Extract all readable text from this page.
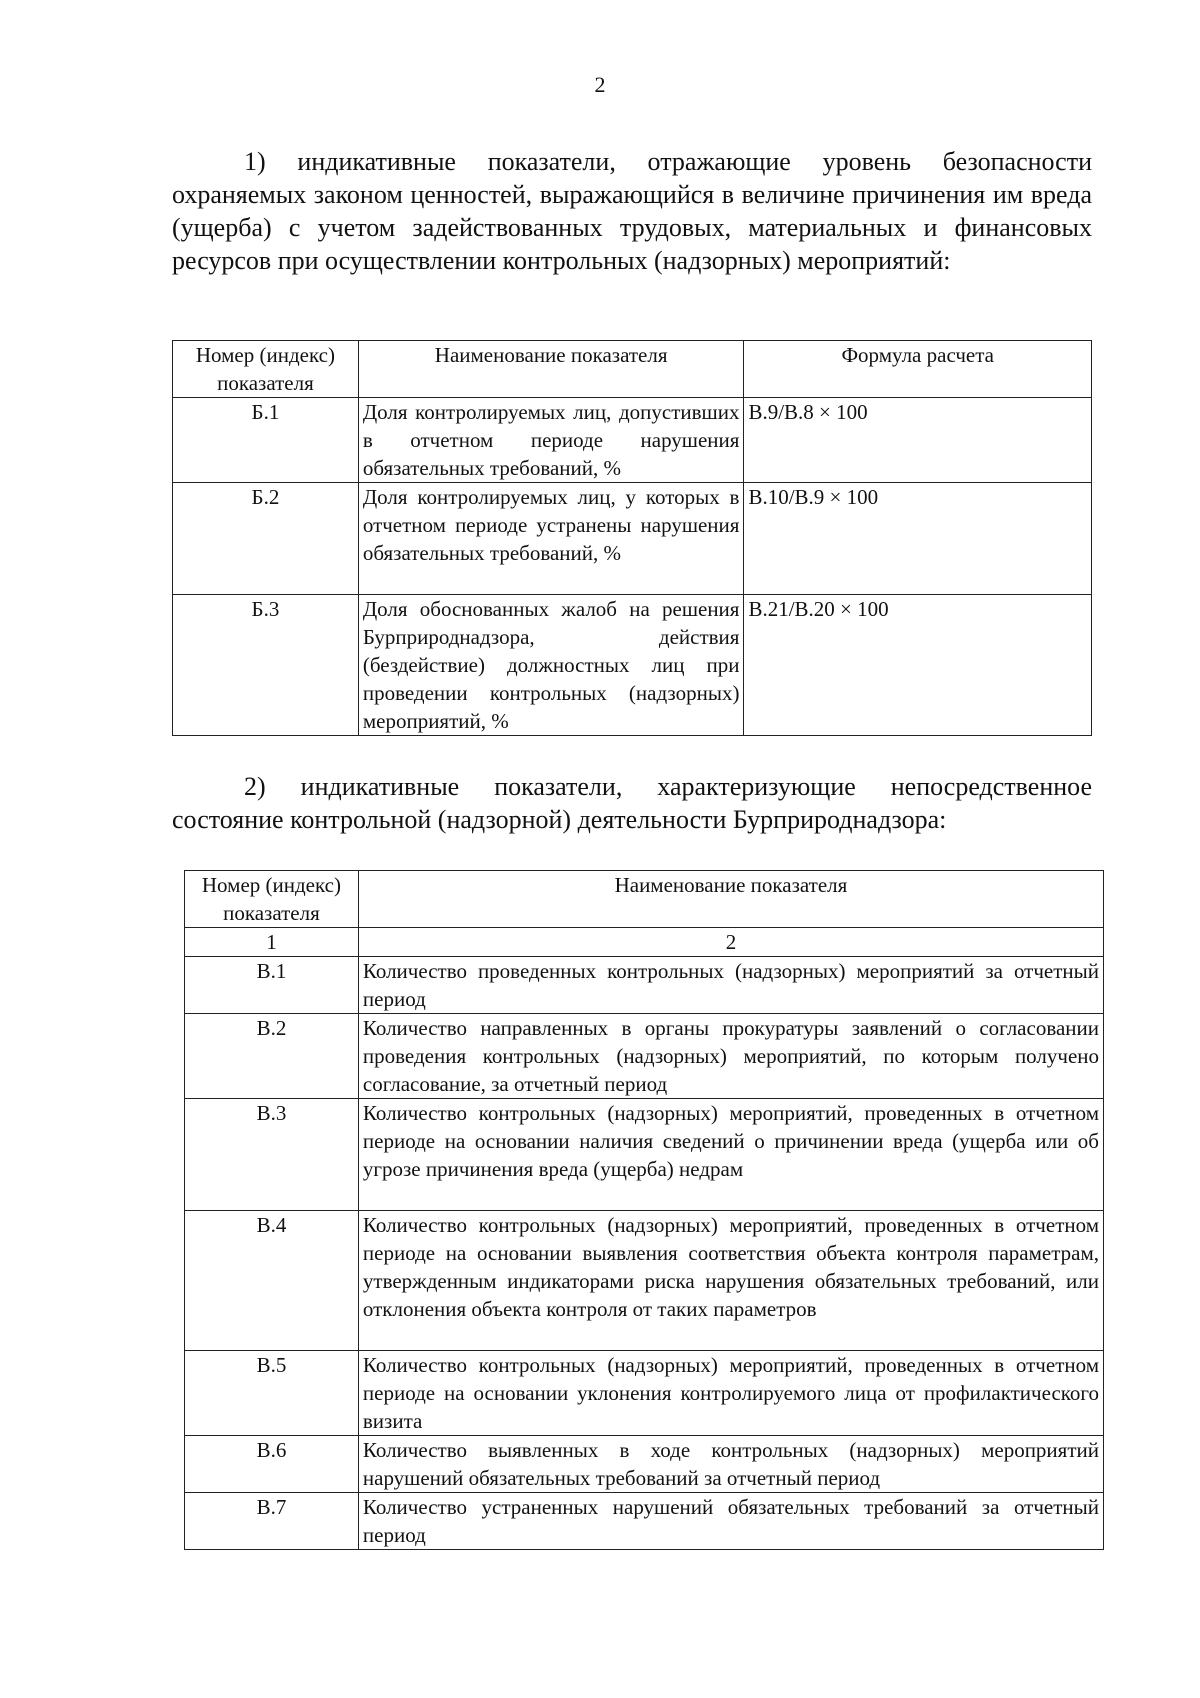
2

1) индикативные показатели, отражающие уровень безопасности охраняемых законом ценностей, выражающийся в величине причинения им вреда (ущерба) с учетом задействованных трудовых, материальных и финансовых ресурсов при осуществлении контрольных (надзорных) мероприятий:

Номер (индекс) показателя	Наименование показателя	Формула расчета
Б.1	Доля контролируемых лиц, допустивших в отчетном периоде нарушения обязательных требований, %	В.9/В.8 × 100
Б.2	Доля контролируемых лиц, у которых в отчетном периоде устранены нарушения обязательных требований, %	В.10/В.9 × 100
Б.3	Доля обоснованных жалоб на решения Бурприроднадзора, действия (бездействие) должностных лиц при проведении контрольных (надзорных) мероприятий, %	В.21/В.20 × 100

2) индикативные показатели, характеризующие непосредственное состояние контрольной (надзорной) деятельности Бурприроднадзора:

Номер (индекс) показателя	Наименование показателя
1	2
В.1	Количество проведенных контрольных (надзорных) мероприятий за отчетный период
В.2	Количество направленных в органы прокуратуры заявлений о согласовании проведения контрольных (надзорных) мероприятий, по которым получено согласование, за отчетный период
В.3	Количество контрольных (надзорных) мероприятий, проведенных в отчетном периоде на основании наличия сведений о причинении вреда (ущерба или об угрозе причинения вреда (ущерба) недрам
В.4	Количество контрольных (надзорных) мероприятий, проведенных в отчетном периоде на основании выявления соответствия объекта контроля параметрам, утвержденным индикаторами риска нарушения обязательных требований, или отклонения объекта контроля от таких параметров
В.5	Количество контрольных (надзорных) мероприятий, проведенных в отчетном периоде на основании уклонения контролируемого лица от профилактического визита
В.6	Количество выявленных в ходе контрольных (надзорных) мероприятий нарушений обязательных требований за отчетный период
В.7	Количество устраненных нарушений обязательных требований за отчетный период
